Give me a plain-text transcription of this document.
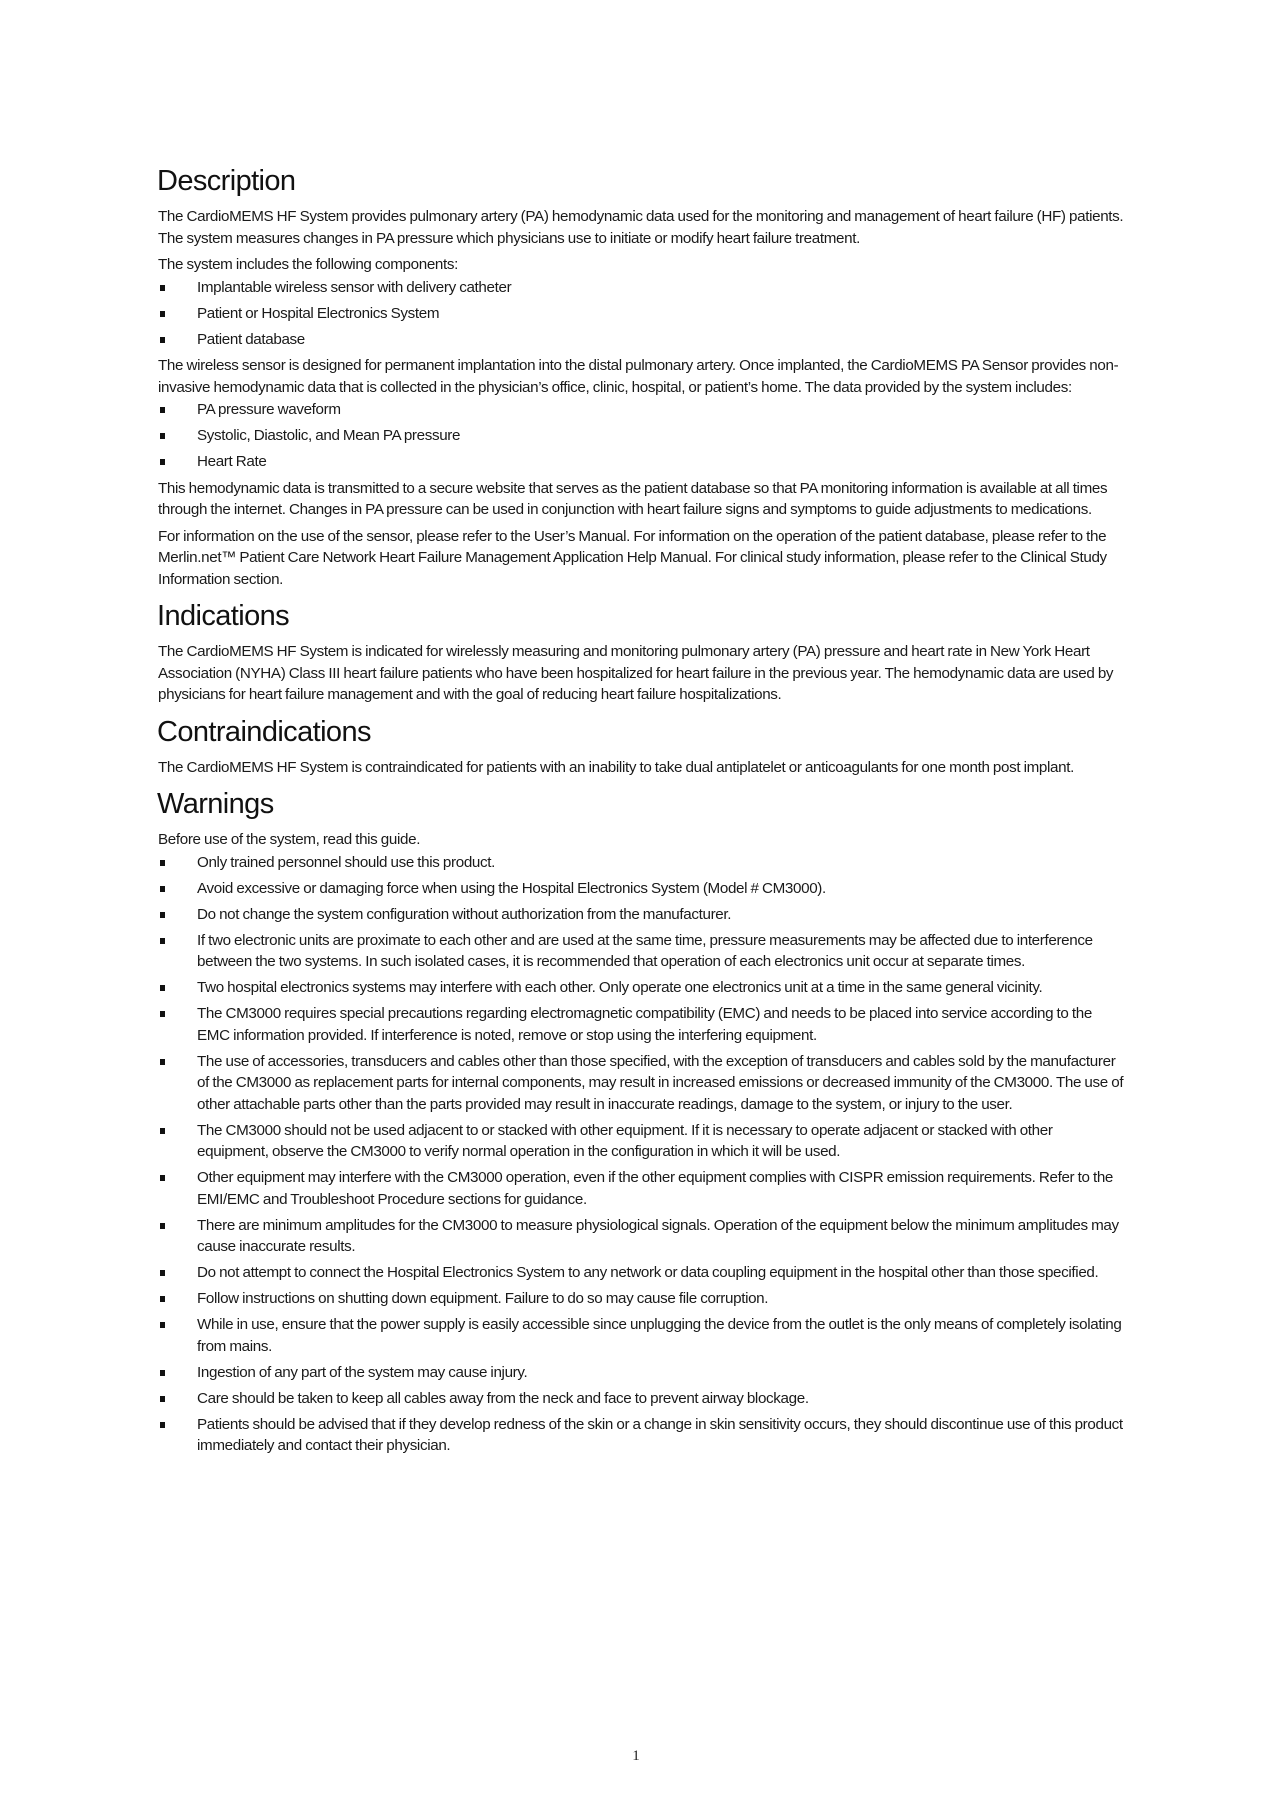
Description

The CardioMEMS HF System provides pulmonary artery (PA) hemodynamic data used for the monitoring and management of heart failure (HF) patients. The system measures changes in PA pressure which physicians use to initiate or modify heart failure treatment.

The system includes the following components:

Implantable wireless sensor with delivery catheter
Patient or Hospital Electronics System
Patient database

The wireless sensor is designed for permanent implantation into the distal pulmonary artery. Once implanted, the CardioMEMS PA Sensor provides non-invasive hemodynamic data that is collected in the physician’s office, clinic, hospital, or patient’s home. The data provided by the system includes:

PA pressure waveform
Systolic, Diastolic, and Mean PA pressure
Heart Rate

This hemodynamic data is transmitted to a secure website that serves as the patient database so that PA monitoring information is available at all times through the internet. Changes in PA pressure can be used in conjunction with heart failure signs and symptoms to guide adjustments to medications.

For information on the use of the sensor, please refer to the User’s Manual. For information on the operation of the patient database, please refer to the Merlin.net™ Patient Care Network Heart Failure Management Application Help Manual. For clinical study information, please refer to the Clinical Study Information section.

Indications

The CardioMEMS HF System is indicated for wirelessly measuring and monitoring pulmonary artery (PA) pressure and heart rate in New York Heart Association (NYHA) Class III heart failure patients who have been hospitalized for heart failure in the previous year. The hemodynamic data are used by physicians for heart failure management and with the goal of reducing heart failure hospitalizations.

Contraindications

The CardioMEMS HF System is contraindicated for patients with an inability to take dual antiplatelet or anticoagulants for one month post implant.

Warnings

Before use of the system, read this guide.

Only trained personnel should use this product.
Avoid excessive or damaging force when using the Hospital Electronics System (Model # CM3000).
Do not change the system configuration without authorization from the manufacturer.
If two electronic units are proximate to each other and are used at the same time, pressure measurements may be affected due to interference between the two systems. In such isolated cases, it is recommended that operation of each electronics unit occur at separate times.
Two hospital electronics systems may interfere with each other. Only operate one electronics unit at a time in the same general vicinity.
The CM3000 requires special precautions regarding electromagnetic compatibility (EMC) and needs to be placed into service according to the EMC information provided. If interference is noted, remove or stop using the interfering equipment.
The use of accessories, transducers and cables other than those specified, with the exception of transducers and cables sold by the manufacturer of the CM3000 as replacement parts for internal components, may result in increased emissions or decreased immunity of the CM3000. The use of other attachable parts other than the parts provided may result in inaccurate readings, damage to the system, or injury to the user.
The CM3000 should not be used adjacent to or stacked with other equipment. If it is necessary to operate adjacent or stacked with other equipment, observe the CM3000 to verify normal operation in the configuration in which it will be used.
Other equipment may interfere with the CM3000 operation, even if the other equipment complies with CISPR emission requirements. Refer to the EMI/EMC and Troubleshoot Procedure sections for guidance.
There are minimum amplitudes for the CM3000 to measure physiological signals. Operation of the equipment below the minimum amplitudes may cause inaccurate results.
Do not attempt to connect the Hospital Electronics System to any network or data coupling equipment in the hospital other than those specified.
Follow instructions on shutting down equipment. Failure to do so may cause file corruption.
While in use, ensure that the power supply is easily accessible since unplugging the device from the outlet is the only means of completely isolating from mains.
Ingestion of any part of the system may cause injury.
Care should be taken to keep all cables away from the neck and face to prevent airway blockage.
Patients should be advised that if they develop redness of the skin or a change in skin sensitivity occurs, they should discontinue use of this product immediately and contact their physician.
1
